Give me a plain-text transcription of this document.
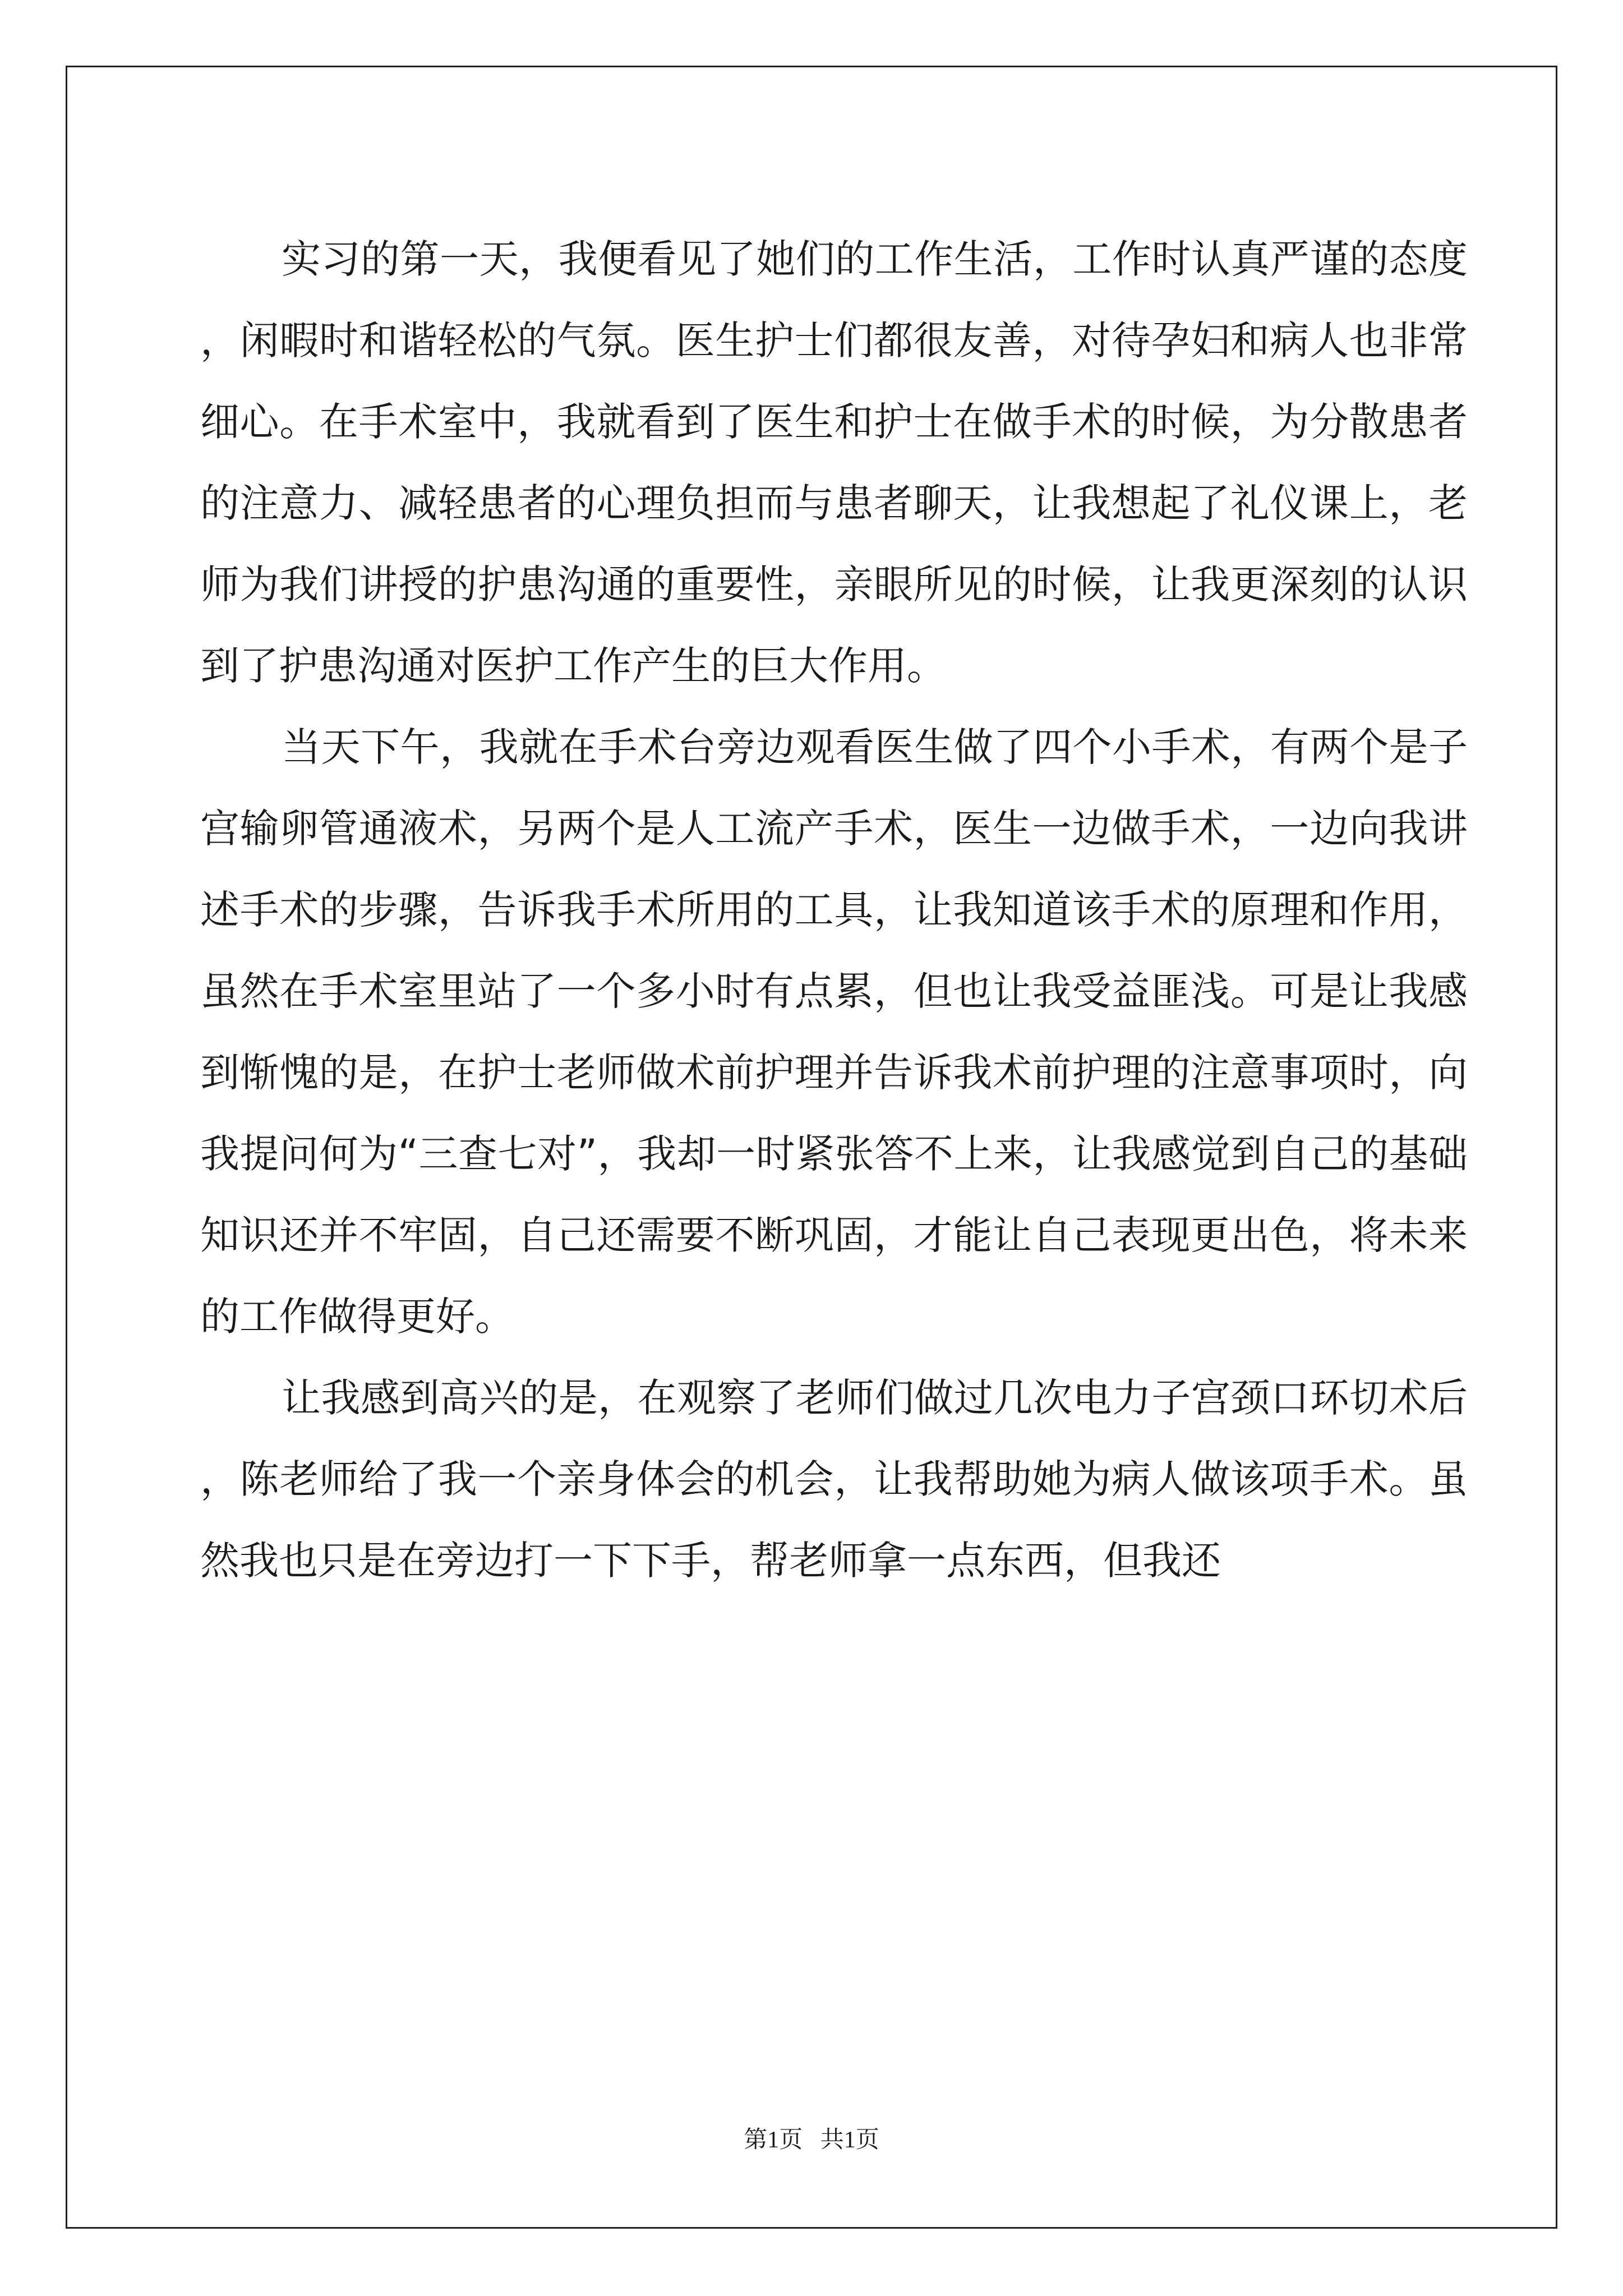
实习的第一天，我便看见了她们的工作生活，工作时认真严谨的态度，闲暇时和谐轻松的气氛。医生护士们都很友善，对待孕妇和病人也非常细心。在手术室中，我就看到了医生和护士在做手术的时候，为分散患者的注意力、减轻患者的心理负担而与患者聊天，让我想起了礼仪课上，老师为我们讲授的护患沟通的重要性，亲眼所见的时候，让我更深刻的认识到了护患沟通对医护工作产生的巨大作用。

当天下午，我就在手术台旁边观看医生做了四个小手术，有两个是子宫输卵管通液术，另两个是人工流产手术，医生一边做手术，一边向我讲述手术的步骤，告诉我手术所用的工具，让我知道该手术的原理和作用，虽然在手术室里站了一个多小时有点累，但也让我受益匪浅。可是让我感到惭愧的是，在护士老师做术前护理并告诉我术前护理的注意事项时，向我提问何为“三查七对”，我却一时紧张答不上来，让我感觉到自己的基础知识还并不牢固，自己还需要不断巩固，才能让自己表现更出色，将未来的工作做得更好。

让我感到高兴的是，在观察了老师们做过几次电力子宫颈口环切术后，陈老师给了我一个亲身体会的机会，让我帮助她为病人做该项手术。虽然我也只是在旁边打一下下手，帮老师拿一点东西，但我还

第1页 共1页
